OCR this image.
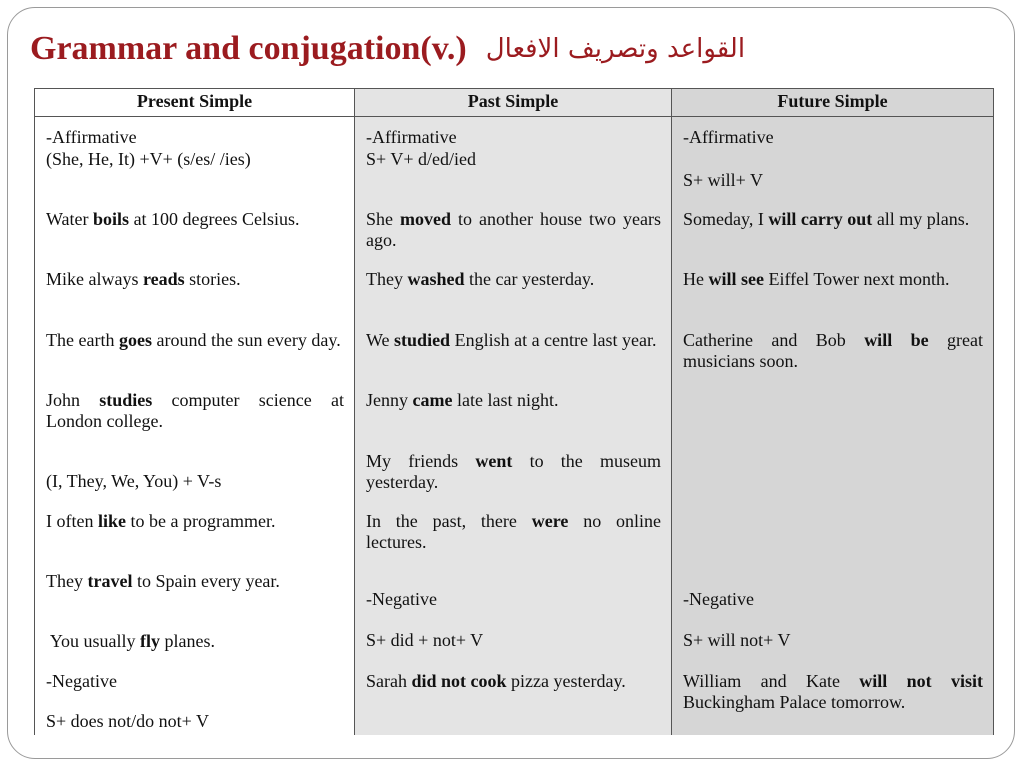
Grammar and conjugation(v.) القواعد وتصريف الافعال
Present Simple

-Affirmative

(She, He, It) +V+ (s/es/ /ies)

Water boils at 100 degrees Celsius.

Mike always reads stories.

The earth goes around the sun every day.

John studies computer science at London college.

(I, They, We, You) + V-s

I often like to be a programmer.

They travel to Spain every year.

You usually fly planes.

-Negative

S+ does not/do not+ V

Past Simple

-Affirmative

S+ V+ d/ed/ied

She moved to another house two years ago.

They washed the car yesterday.

We studied English at a centre last year.

Jenny came late last night.

My friends went to the museum yesterday.

In the past, there were no online lectures.

-Negative

S+ did + not+ V

Sarah did not cook pizza yesterday.

Future Simple

-Affirmative

S+ will+ V

Someday, I will carry out all my plans.

He will see Eiffel Tower next month.

Catherine and Bob will be great musicians soon.

-Negative

S+ will not+ V

William and Kate will not visit Buckingham Palace tomorrow.
